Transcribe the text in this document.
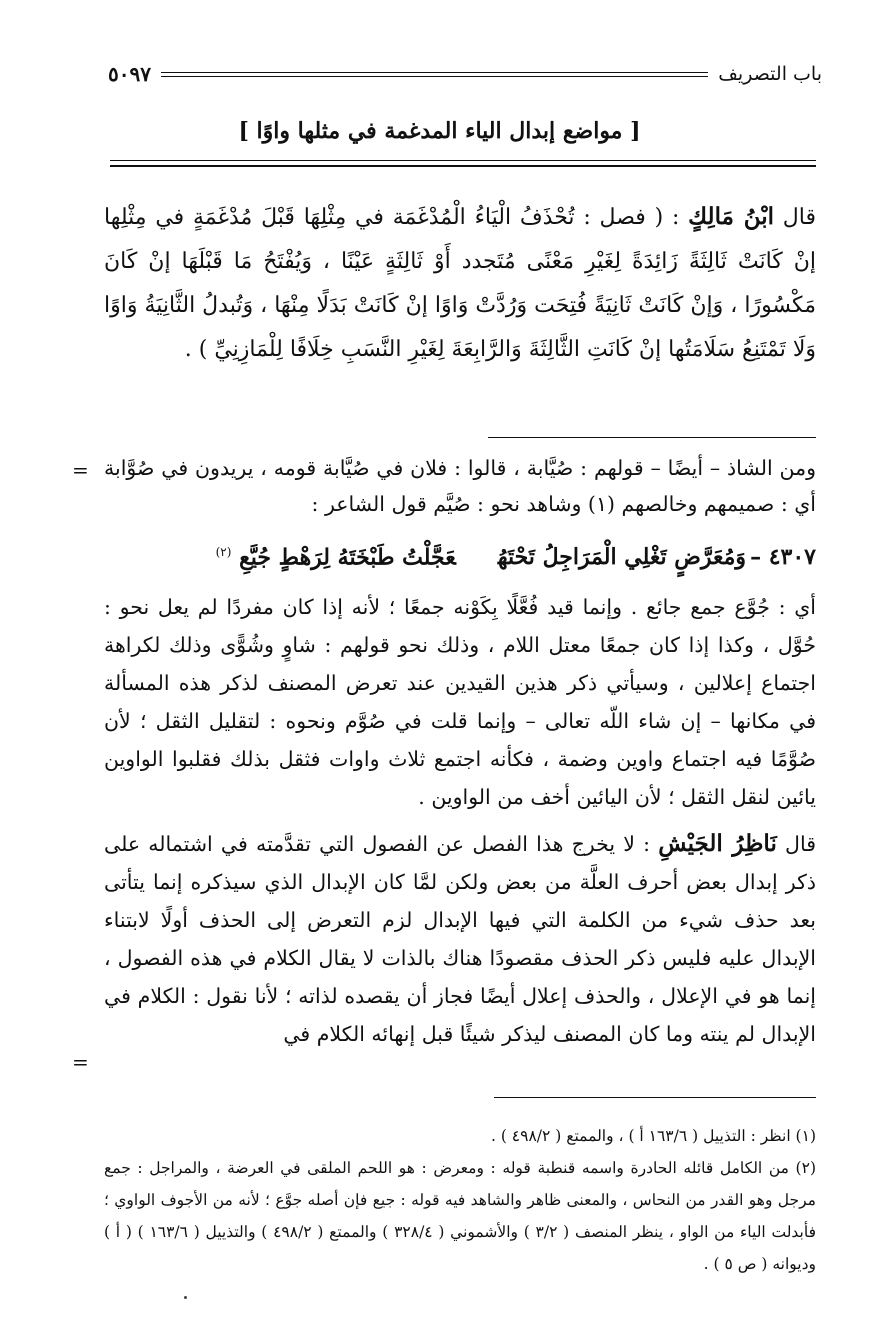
٥٠٩٧	باب التصريف
[ مواضع إبدال الياء المدغمة في مثلها واوًا ]

قال ابْنُ مَالِكٍ : ( فصل : تُحْذَفُ الْيَاءُ الْمُدْغَمَة في مِثْلِهَا قَبْلَ مُدْغَمَةٍ في مِثْلِها إنْ كَانَتْ ثَالِثَةً زَائِدَةً لِغَيْرِ مَعْنًى مُتَجدد أَوْ ثَالِثَةٍ عَيْنًا ، وَيُفْتَحُ مَا قَبْلَهَا إنْ كَانَ مَكْسُورًا ، وَإنْ كَانَتْ ثَانِيَةً فُتِحَت وَرُدَّتْ وَاوًا إنْ كَانَتْ بَدَلًا مِنْهَا ، وَتُبدلُ الثَّانِيَةُ وَاوًا وَلَا تَمْتَنِعُ سَلَامَتُها إنْ كَانَتِ الثَّالِثَةَ وَالرَّابِعَةَ لِغَيْرِ النَّسَبِ خِلَافًا لِلْمَازِنِيِّ ) .

= ومن الشاذ – أيضًا – قولهم : صُيَّابة ، قالوا : فلان في صُيَّابة قومه ، يريدون في صُوَّابة أي : صميمهم وخالصهم (١) وشاهد نحو : صُيَّم قول الشاعر :

٤٣٠٧ –وَمُعَرَّضٍ تَغْلِي الْمَرَاجِلُ تَحْتَهُعَجَّلْتُ طَبْخَتَهُ لِرَهْطٍ جُيَّعِ $^{(٢)}$

أي : جُوَّع جمع جائع . وإنما قيد فُعَّلًا بِكَوْنه جمعًا ؛ لأنه إذا كان مفردًا لم يعل نحو : حُوَّل ، وكذا إذا كان جمعًا معتل اللام ، وذلك نحو قولهم : شاوٍ وشُوًّى وذلك لكراهة اجتماع إعلالين ، وسيأتي ذكر هذين القيدين عند تعرض المصنف لذكر هذه المسألة في مكانها – إن شاء اللّه تعالى – وإنما قلت في صُوَّم ونحوه : لتقليل الثقل ؛ لأن صُوَّمًا فيه اجتماع واوين وضمة ، فكأنه اجتمع ثلاث واوات فثقل بذلك فقلبوا الواوين يائين لنقل الثقل ؛ لأن اليائين أخف من الواوين .

قال نَاظِرُ الجَيْشِ : لا يخرج هذا الفصل عن الفصول التي تقدَّمته في اشتماله على ذكر إبدال بعض أحرف العلَّة من بعض ولكن لمَّا كان الإبدال الذي سيذكره إنما يتأتى بعد حذف شيء من الكلمة التي فيها الإبدال لزم التعرض إلى الحذف أولًا لابتناء الإبدال عليه فليس ذكر الحذف مقصودًا هناك بالذات لا يقال الكلام في هذه الفصول ، إنما هو في الإعلال ، والحذف إعلال أيضًا فجاز أن يقصده لذاته ؛ لأنا نقول : الكلام في الإبدال لم ينته وما كان المصنف ليذكر شيئًا قبل إنهائه الكلام في

=

(١) انظر : التذييل ( ١٦٣/٦ أ ) ، والممتع ( ٤٩٨/٢ ) .

(٢) من الكامل قائله الحادرة واسمه قنطبة قوله : ومعرض : هو اللحم الملقى في العرضة ، والمراجل : جمع مرجل وهو القدر من النحاس ، والمعنى ظاهر والشاهد فيه قوله : جيع فإن أصله جوَّع ؛ لأنه من الأجوف الواوي ؛ فأبدلت الياء من الواو ، ينظر المنصف ( ٣/٢ ) والأشموني ( ٣٢٨/٤ ) والممتع ( ٤٩٨/٢ ) والتذييل ( ١٦٣/٦ ) ( أ ) وديوانه ( ص ٥ ) .
